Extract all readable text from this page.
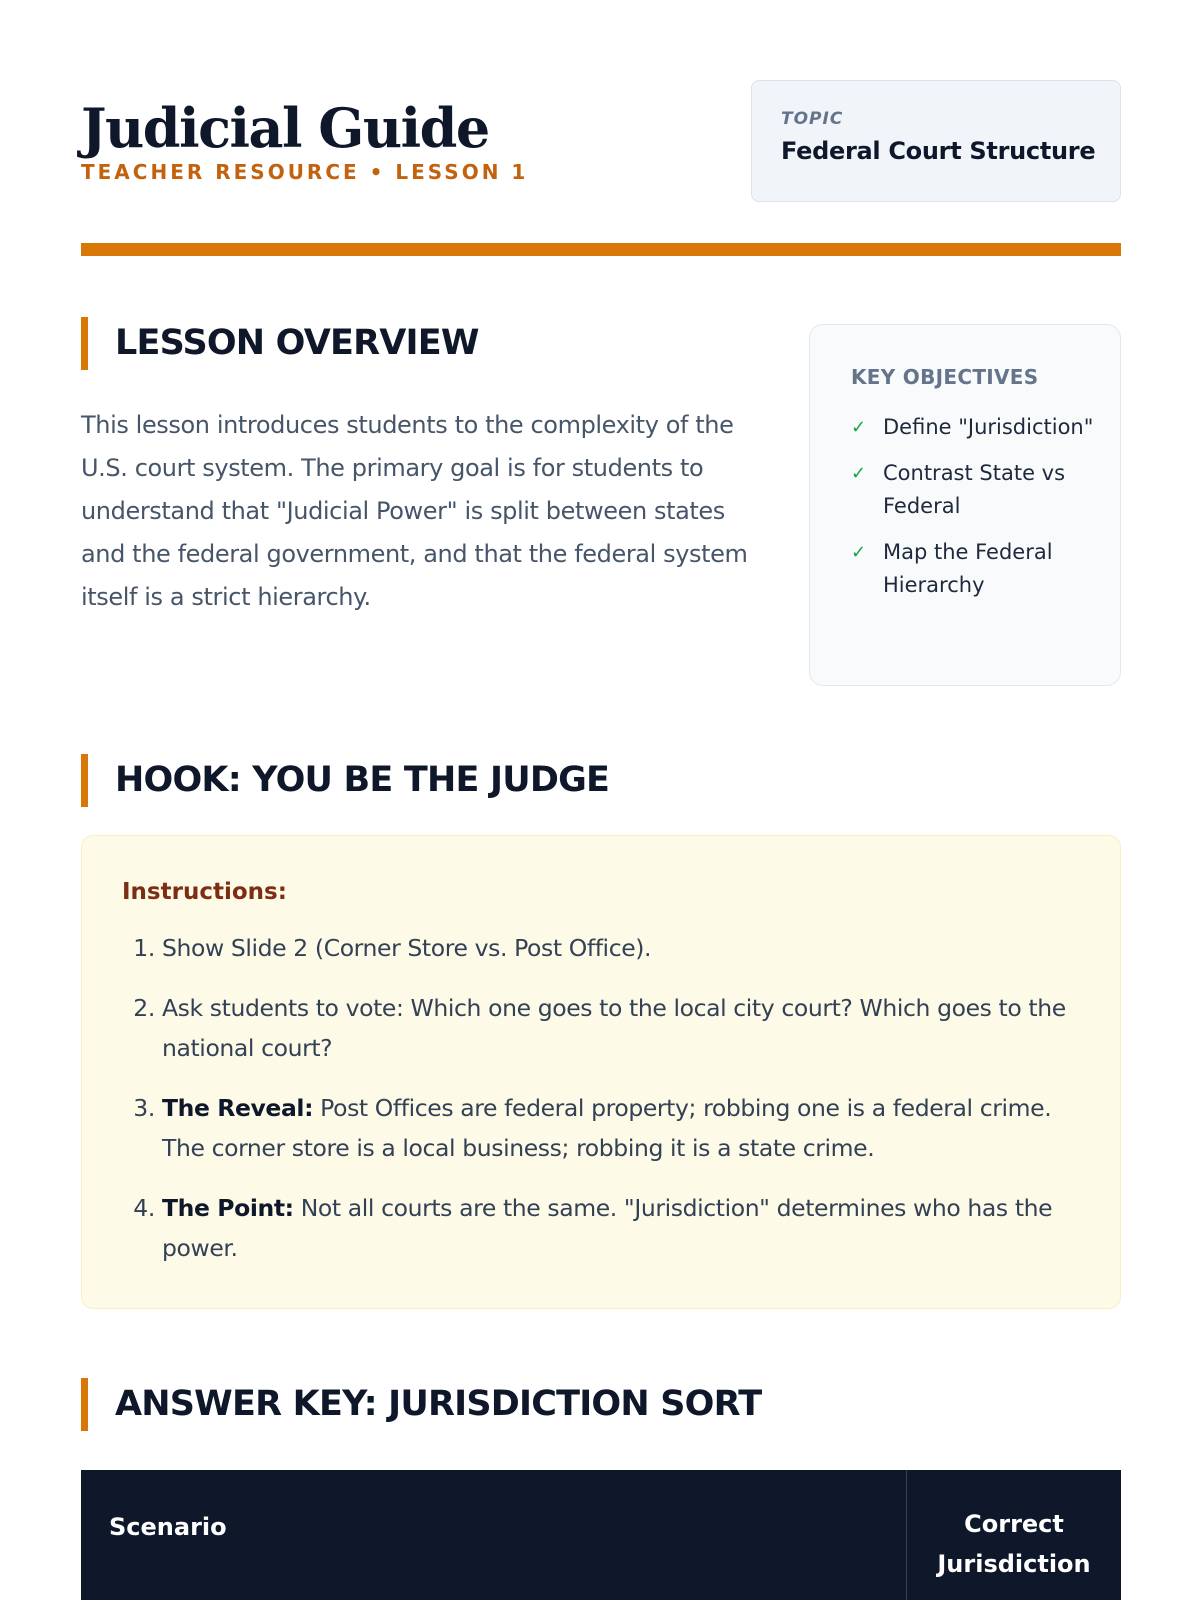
Judicial Guide
TEACHER RESOURCE • LESSON 1
TOPIC
Federal Court Structure
LESSON OVERVIEW

This lesson introduces students to the complexity of the U.S. court system. The primary goal is for students to understand that "Judicial Power" is split between states and the federal government, and that the federal system itself is a strict hierarchy.

KEY OBJECTIVES
✓ Define "Jurisdiction"
✓ Contrast State vs Federal
✓ Map the Federal Hierarchy
HOOK: YOU BE THE JUDGE
Instructions:
1. Show Slide 2 (Corner Store vs. Post Office).
2. Ask students to vote: Which one goes to the local city court? Which goes to the national court?
3. The Reveal: Post Offices are federal property; robbing one is a federal crime. The corner store is a local business; robbing it is a state crime.
4. The Point: Not all courts are the same. "Jurisdiction" determines who has the power.
ANSWER KEY: JURISDICTION SORT
Scenario	Correct Jurisdiction
